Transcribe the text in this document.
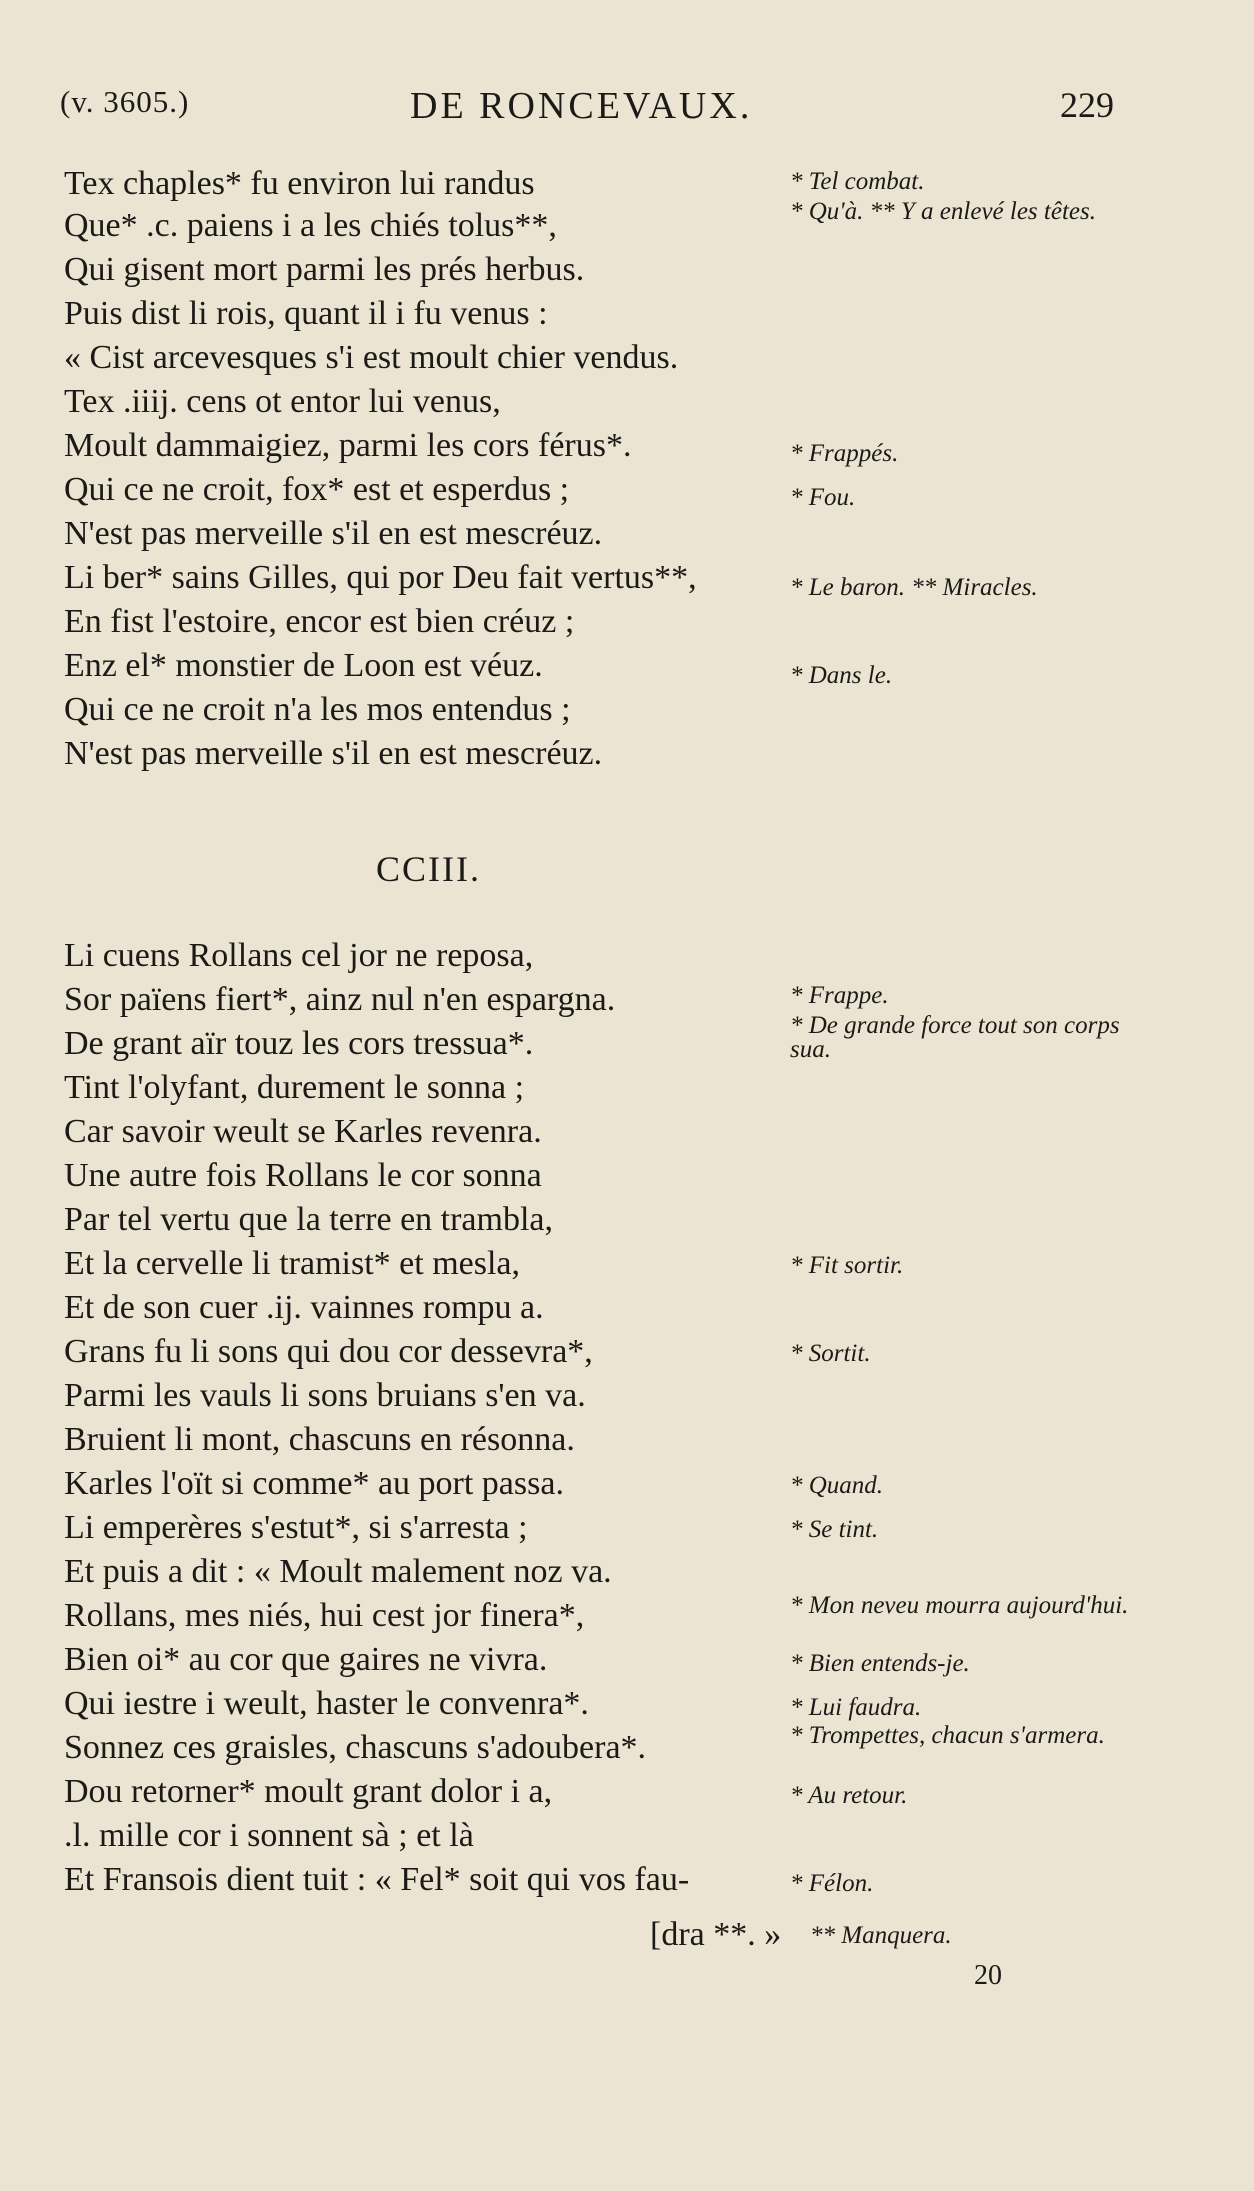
(v. 3605.)	DE RONCEVAUX.	229
Tex chaples* fu environ lui randus
Que* .c. paiens i a les chiés tolus**,
Qui gisent mort parmi les prés herbus.
Puis dist li rois, quant il i fu venus :
« Cist arcevesques s'i est moult chier vendus.
Tex .iiij. cens ot entor lui venus,
Moult dammaigiez, parmi les cors férus*.
Qui ce ne croit, fox* est et esperdus ;
N'est pas merveille s'il en est mescréuz.
Li ber* sains Gilles, qui por Deu fait vertus**,
En fist l'estoire, encor est bien créuz ;
Enz el* monstier de Loon est véuz.
Qui ce ne croit n'a les mos entendus ;
N'est pas merveille s'il en est mescréuz.
* Tel combat.
* Qu'à. ** Y a enlevé les têtes.
* Frappés.
* Fou.
* Le baron. ** Miracles.
* Dans le.
CCIII.
Li cuens Rollans cel jor ne reposa,
Sor païens fiert*, ainz nul n'en espargna.
De grant aïr touz les cors tressua*.
Tint l'olyfant, durement le sonna ;
Car savoir weult se Karles revenra.
Une autre fois Rollans le cor sonna
Par tel vertu que la terre en trambla,
Et la cervelle li tramist* et mesla,
Et de son cuer .ij. vainnes rompu a.
Grans fu li sons qui dou cor dessevra*,
Parmi les vauls li sons bruians s'en va.
Bruient li mont, chascuns en résonna.
Karles l'oït si comme* au port passa.
Li emperères s'estut*, si s'arresta ;
Et puis a dit : « Moult malement noz va.
Rollans, mes niés, hui cest jor finera*,
Bien oi* au cor que gaires ne vivra.
Qui iestre i weult, haster le convenra*.
Sonnez ces graisles, chascuns s'adoubera*.
Dou retorner* moult grant dolor i a,
.l. mille cor i sonnent sà ; et là
Et Fransois dient tuit : « Fel* soit qui vos fau-
* Frappe.
* De grande force tout son corps sua.
* Fit sortir.
* Sortit.
* Quand.
* Se tint.
* Mon neveu mourra aujourd'hui.
* Bien entends-je.
* Lui faudra.
* Trompettes, chacun s'armera.
* Au retour.
* Félon.
[dra **. » ** Manquera.
20
